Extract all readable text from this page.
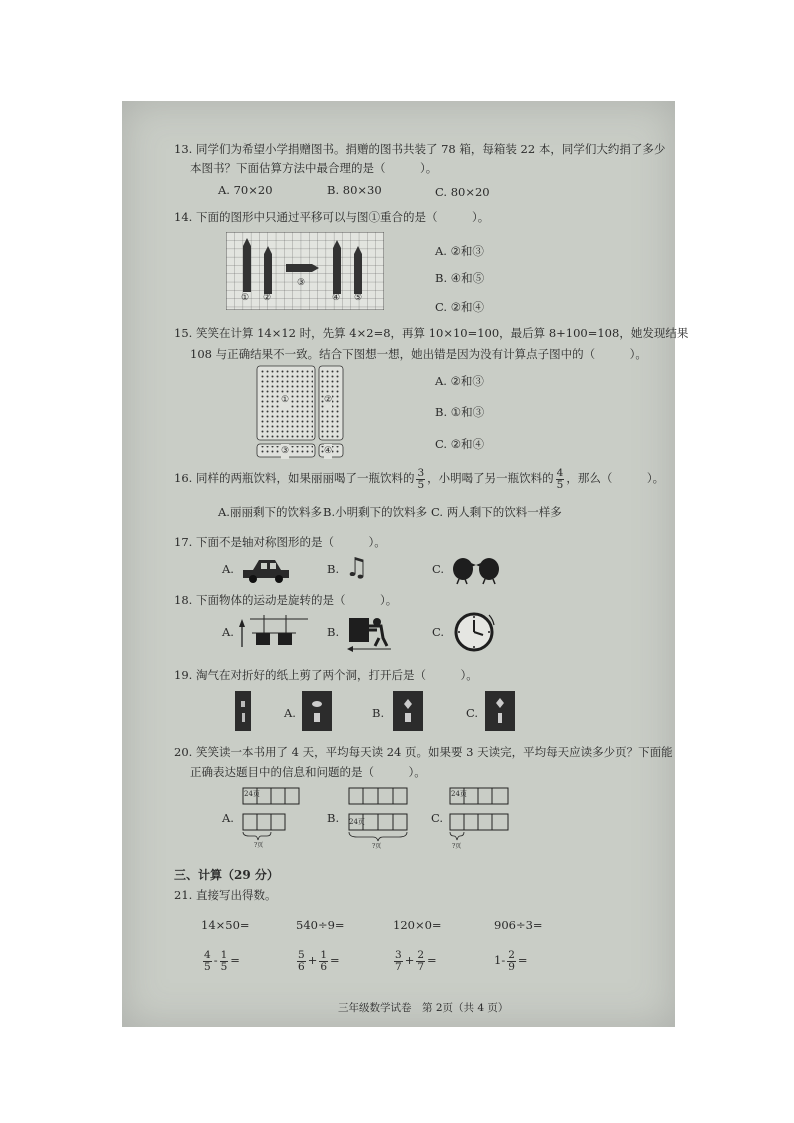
13. 同学们为希望小学捐赠图书。捐赠的图书共装了 78 箱，每箱装 22 本，同学们大约捐了多少
本图书？下面估算方法中最合理的是（　　　）。
A. 70×20	B. 80×30	C. 80×20
14. 下面的图形中只通过平移可以与图①重合的是（　　　）。
① ②
③
④ ⑤
A. ②和③
B. ④和⑤
C. ②和④
15. 笑笑在计算 14×12 时，先算 4×2=8，再算 10×10=100，最后算 8+100=108，她发现结果
108 与正确结果不一致。结合下图想一想，她出错是因为没有计算点子图中的（　　　）。
①	②
③	④
A. ②和③
B. ①和③
C. ②和④
16. 同样的两瓶饮料，如果丽丽喝了一瓶饮料的 $\frac{3}{5}$ ，小明喝了另一瓶饮料的 $\frac{4}{5}$ ，那么（　　　）。
A.丽丽剩下的饮料多 B.小明剩下的饮料多 C. 两人剩下的饮料一样多
17. 下面不是轴对称图形的是（　　　）。
A.	B. ♫	C.
18. 下面物体的运动是旋转的是（　　　）。
A.	B.	C.
19. 淘气在对折好的纸上剪了两个洞，打开后是（　　　）。
A.	B.	C.
20. 笑笑读一本书用了 4 天，平均每天读 24 页。如果要 3 天读完，平均每天应读多少页？下面能
正确表达题目中的信息和问题的是（　　　）。
A.
24页
?页
B. 24页
?页
C.
24页
?页
三、计算（29 分）
21. 直接写出得数。
14×50=	540÷9=	120×0=	906÷3=
$\frac{4}{5} - \frac{1}{5}$ =	$\frac{5}{6} + \frac{1}{6}$ =	$\frac{3}{7} + \frac{2}{7}$ =	$1- \frac{2}{9}$ =
三年级数学试卷　第 2页（共 4 页）
